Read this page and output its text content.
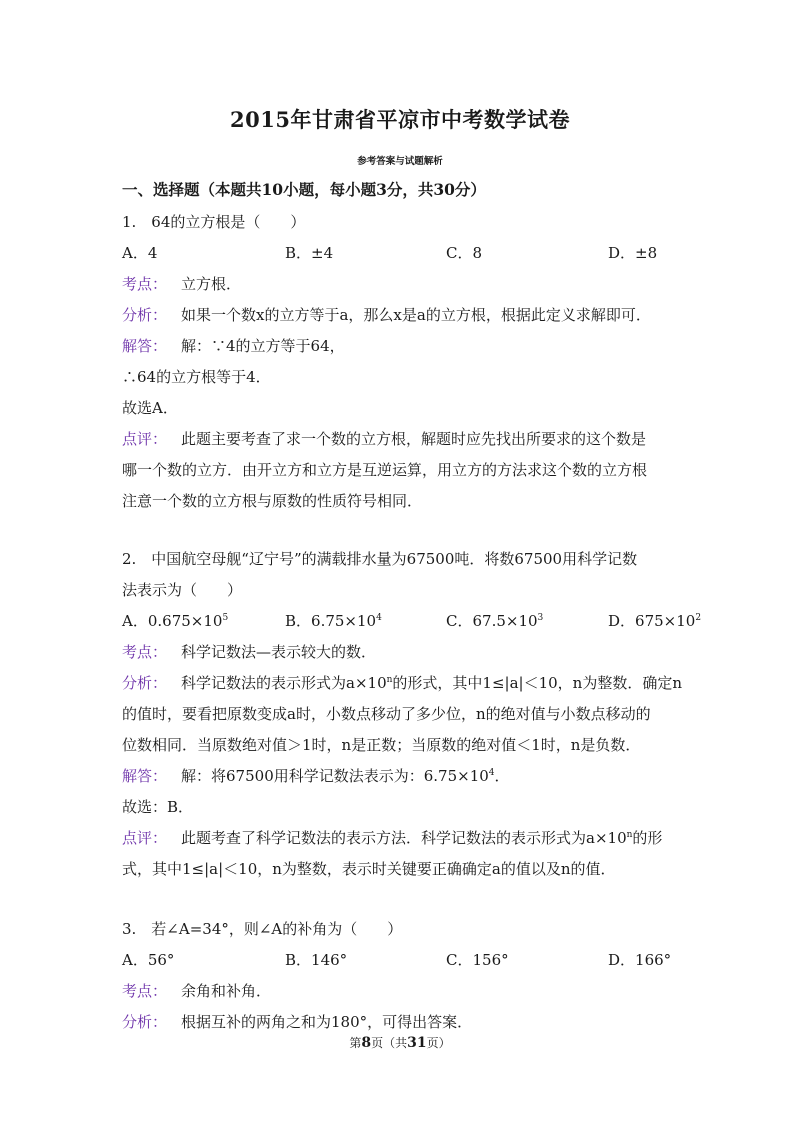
2015年甘肃省平凉市中考数学试卷
参考答案与试题解析
一、选择题（本题共10小题，每小题3分，共30分）
1.　64的立方根是（　　）
A．4	B．±4	C．8	D．±8
考点： 立方根．
分析： 如果一个数x的立方等于a，那么x是a的立方根，根据此定义求解即可．
解答： 解：∵4的立方等于64，
∴64的立方根等于4．
故选A．
点评： 此题主要考查了求一个数的立方根，解题时应先找出所要求的这个数是
哪一个数的立方．由开立方和立方是互逆运算，用立方的方法求这个数的立方根
注意一个数的立方根与原数的性质符号相同．
2.　中国航空母舰“辽宁号”的满载排水量为67500吨．将数67500用科学记数
法表示为（　　）
A．$0.675\times 10^5$	B．$6.75\times 10^4$	C．$67.5\times 10^3$	D．$675\times 10^2$
考点： 科学记数法—表示较大的数．
分析： 科学记数法的表示形式为$a\times 10^n$的形式，其中1≤|a|＜10，n为整数．确定n
的值时，要看把原数变成a时，小数点移动了多少位，n的绝对值与小数点移动的
位数相同．当原数绝对值＞1时，n是正数；当原数的绝对值＜1时，n是负数．
解答： 解：将67500用科学记数法表示为：$6.75\times 10^4$．
故选：B．
点评： 此题考查了科学记数法的表示方法．科学记数法的表示形式为$a\times 10^n$的形
式，其中1≤|a|＜10，n为整数，表示时关键要正确确定a的值以及n的值．
3.　若∠A=34°，则∠A的补角为（　　）
A．56°	B．146°	C．156°	D．166°
考点： 余角和补角．
分析： 根据互补的两角之和为180°，可得出答案．
第8页（共31页）
